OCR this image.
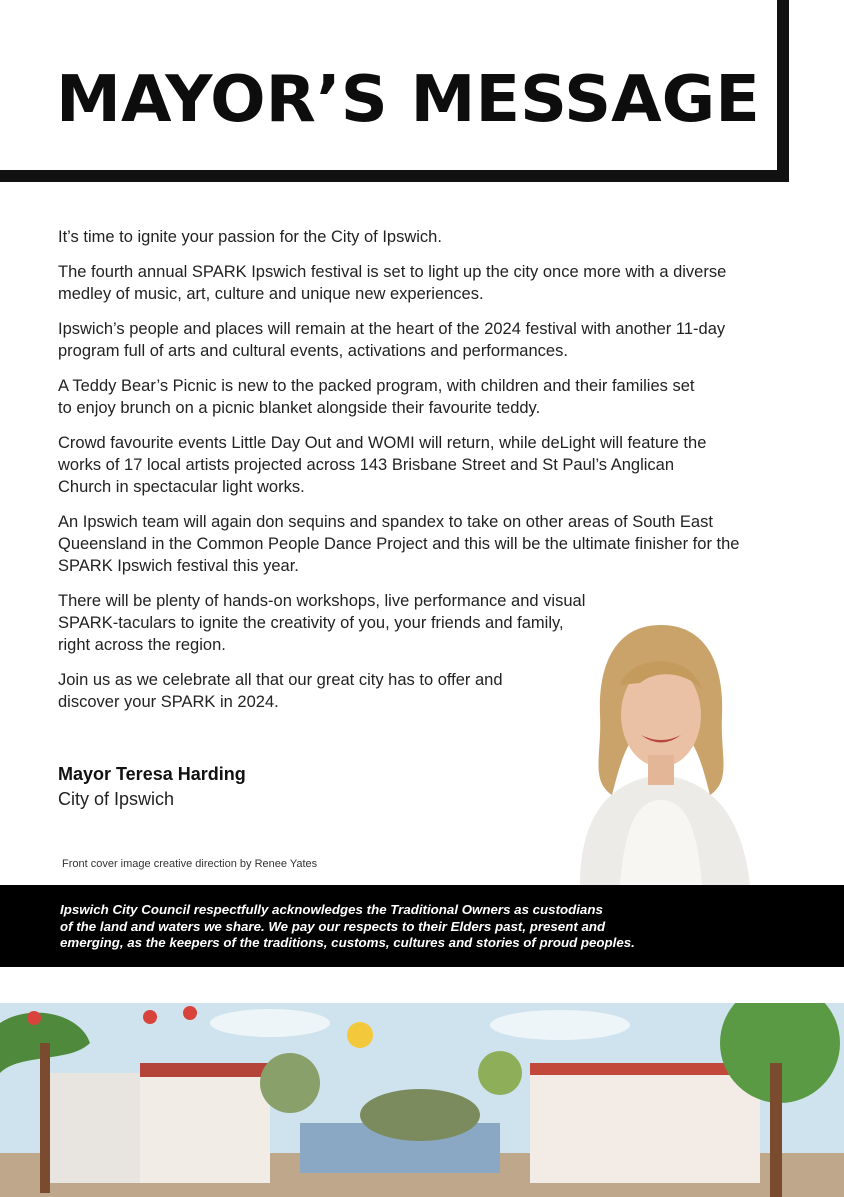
MAYOR’S MESSAGE

It’s time to ignite your passion for the City of Ipswich.

The fourth annual SPARK Ipswich festival is set to light up the city once more with a diverse medley of music, art, culture and unique new experiences.

Ipswich’s people and places will remain at the heart of the 2024 festival with another 11-day program full of arts and cultural events, activations and performances.

A Teddy Bear’s Picnic is new to the packed program, with children and their families set to enjoy brunch on a picnic blanket alongside their favourite teddy.

Crowd favourite events Little Day Out and WOMI will return, while deLight will feature the works of 17 local artists projected across 143 Brisbane Street and St Paul’s Anglican Church in spectacular light works.

An Ipswich team will again don sequins and spandex to take on other areas of South East Queensland in the Common People Dance Project and this will be the ultimate finisher for the SPARK Ipswich festival this year.

There will be plenty of hands-on workshops, live performance and visual SPARK-taculars to ignite the creativity of you, your friends and family, right across the region.

Join us as we celebrate all that our great city has to offer and discover your SPARK in 2024.

Mayor Teresa Harding

City of Ipswich

Front cover image creative direction by Renee Yates
Ipswich City Council respectfully acknowledges the Traditional Owners as custodians
of the land and waters we share. We pay our respects to their Elders past, present and
emerging, as the keepers of the traditions, customs, cultures and stories of proud peoples.
